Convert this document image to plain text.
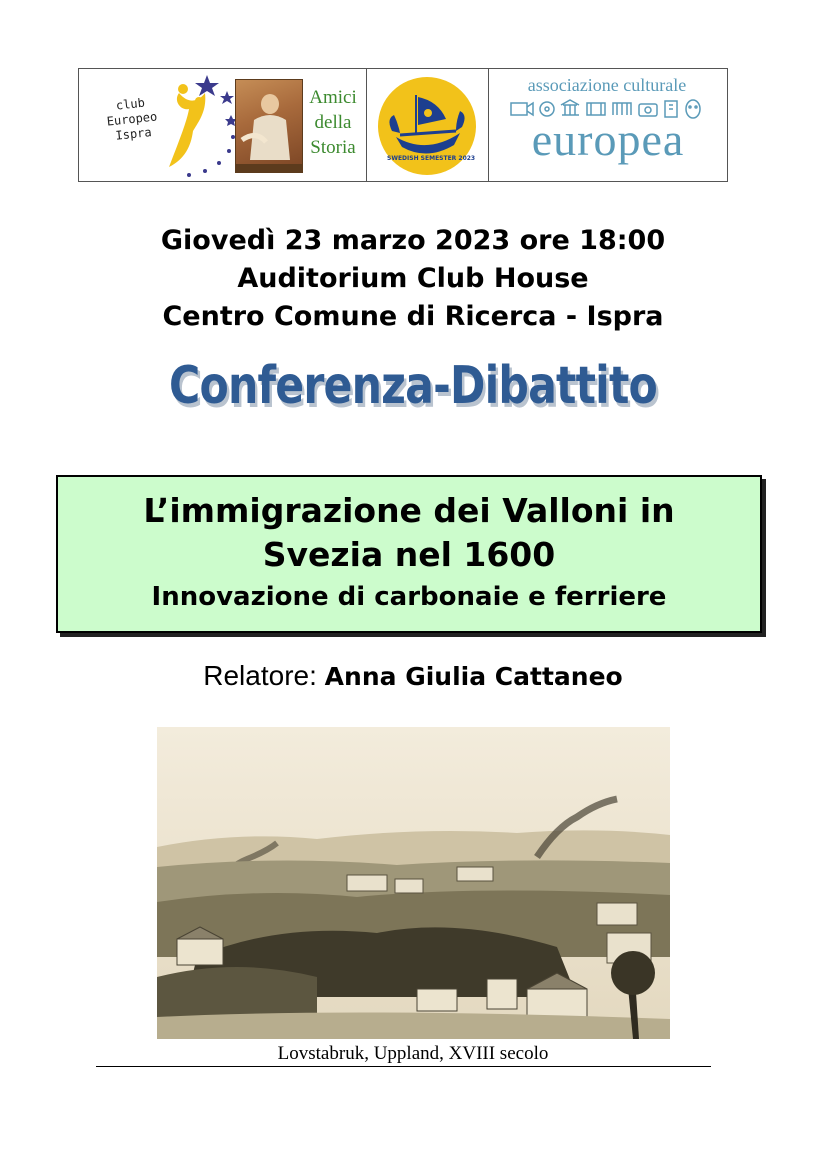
club
Europeo
Ispra
Amici
della
Storia
SWEDISH SEMESTER 2023
associazione culturale
europea
Giovedì 23 marzo 2023 ore 18:00
Auditorium Club House
Centro Comune di Ricerca - Ispra
Conferenza-Dibattito
L’immigrazione dei Valloni in
Svezia nel 1600
Innovazione di carbonaie e ferriere
Relatore: Anna Giulia Cattaneo
Lovstabruk, Uppland, XVIII secolo
